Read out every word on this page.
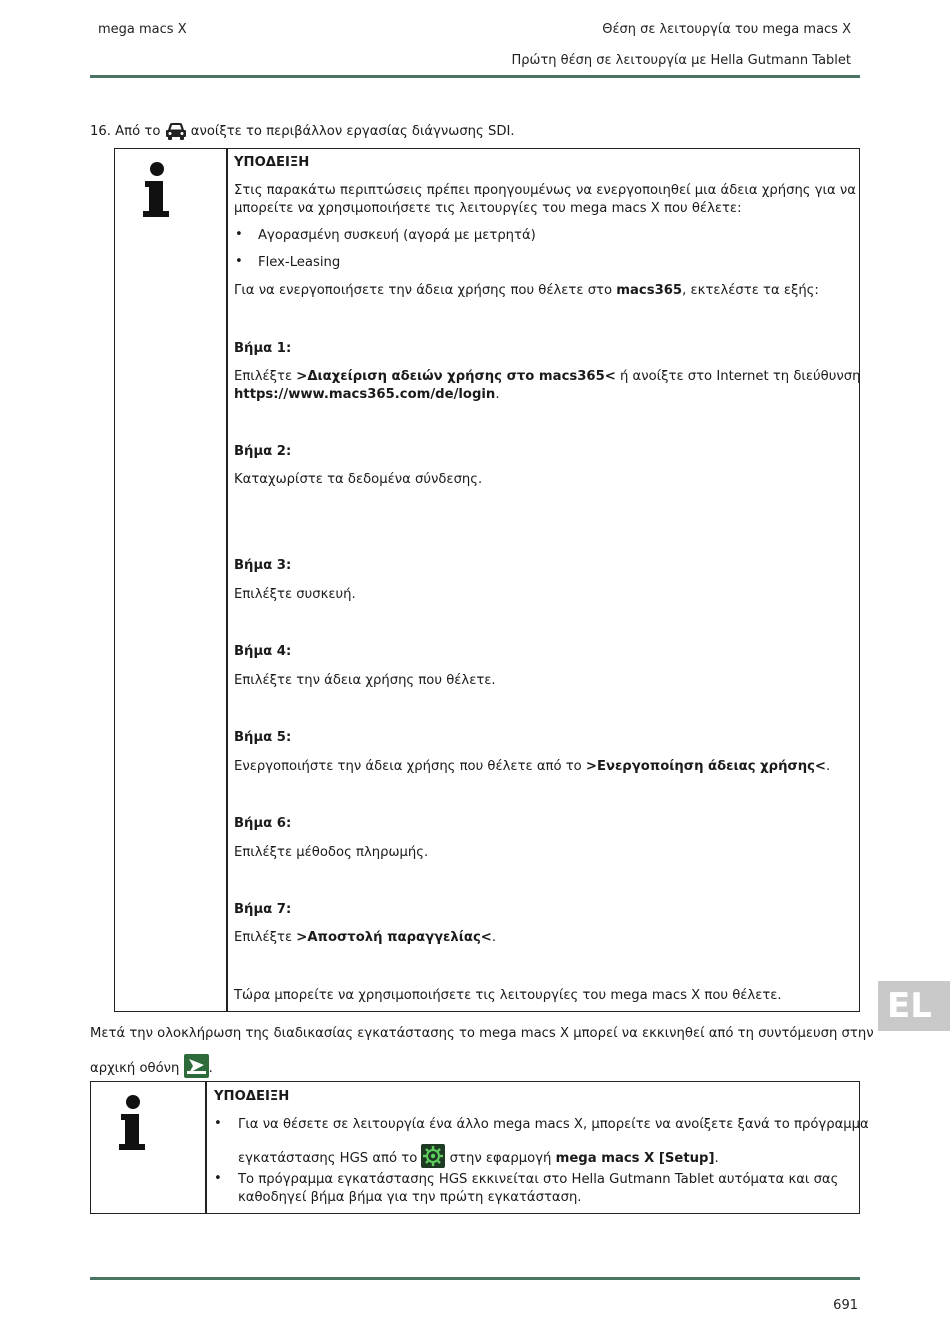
mega macs X	Θέση σε λειτουργία του mega macs X
Πρώτη θέση σε λειτουργία με Hella Gutmann Tablet
16. Από το  ανοίξτε το περιβάλλον εργασίας διάγνωσης SDI.
ΥΠΟΔΕΙΞΗ
Στις παρακάτω περιπτώσεις πρέπει προηγουμένως να ενεργοποιηθεί μια άδεια χρήσης για να
μπορείτε να χρησιμοποιήσετε τις λειτουργίες του mega macs X που θέλετε:
• Αγορασμένη συσκευή (αγορά με μετρητά)
• Flex-Leasing
Για να ενεργοποιήσετε την άδεια χρήσης που θέλετε στο macs365, εκτελέστε τα εξής:
Βήμα 1:
Επιλέξτε >Διαχείριση αδειών χρήσης στο macs365< ή ανοίξτε στο Internet τη διεύθυνση
https://www.macs365.com/de/login.
Βήμα 2:
Καταχωρίστε τα δεδομένα σύνδεσης.
Βήμα 3:
Επιλέξτε συσκευή.
Βήμα 4:
Επιλέξτε την άδεια χρήσης που θέλετε.
Βήμα 5:
Ενεργοποιήστε την άδεια χρήσης που θέλετε από το >Ενεργοποίηση άδειας χρήσης<.
Βήμα 6:
Επιλέξτε μέθοδος πληρωμής.
Βήμα 7:
Επιλέξτε >Αποστολή παραγγελίας<.
Τώρα μπορείτε να χρησιμοποιήσετε τις λειτουργίες του mega macs X που θέλετε.
Μετά την ολοκλήρωση της διαδικασίας εγκατάστασης το mega macs X μπορεί να εκκινηθεί από τη συντόμευση στην
αρχική οθόνη .
ΥΠΟΔΕΙΞΗ
• Για να θέσετε σε λειτουργία ένα άλλο mega macs X, μπορείτε να ανοίξετε ξανά το πρόγραμμα
εγκατάστασης HGS από το  στην εφαρμογή mega macs X [Setup].
• Το πρόγραμμα εγκατάστασης HGS εκκινείται στο Hella Gutmann Tablet αυτόματα και σας
καθοδηγεί βήμα βήμα για την πρώτη εγκατάσταση.
EL
691
